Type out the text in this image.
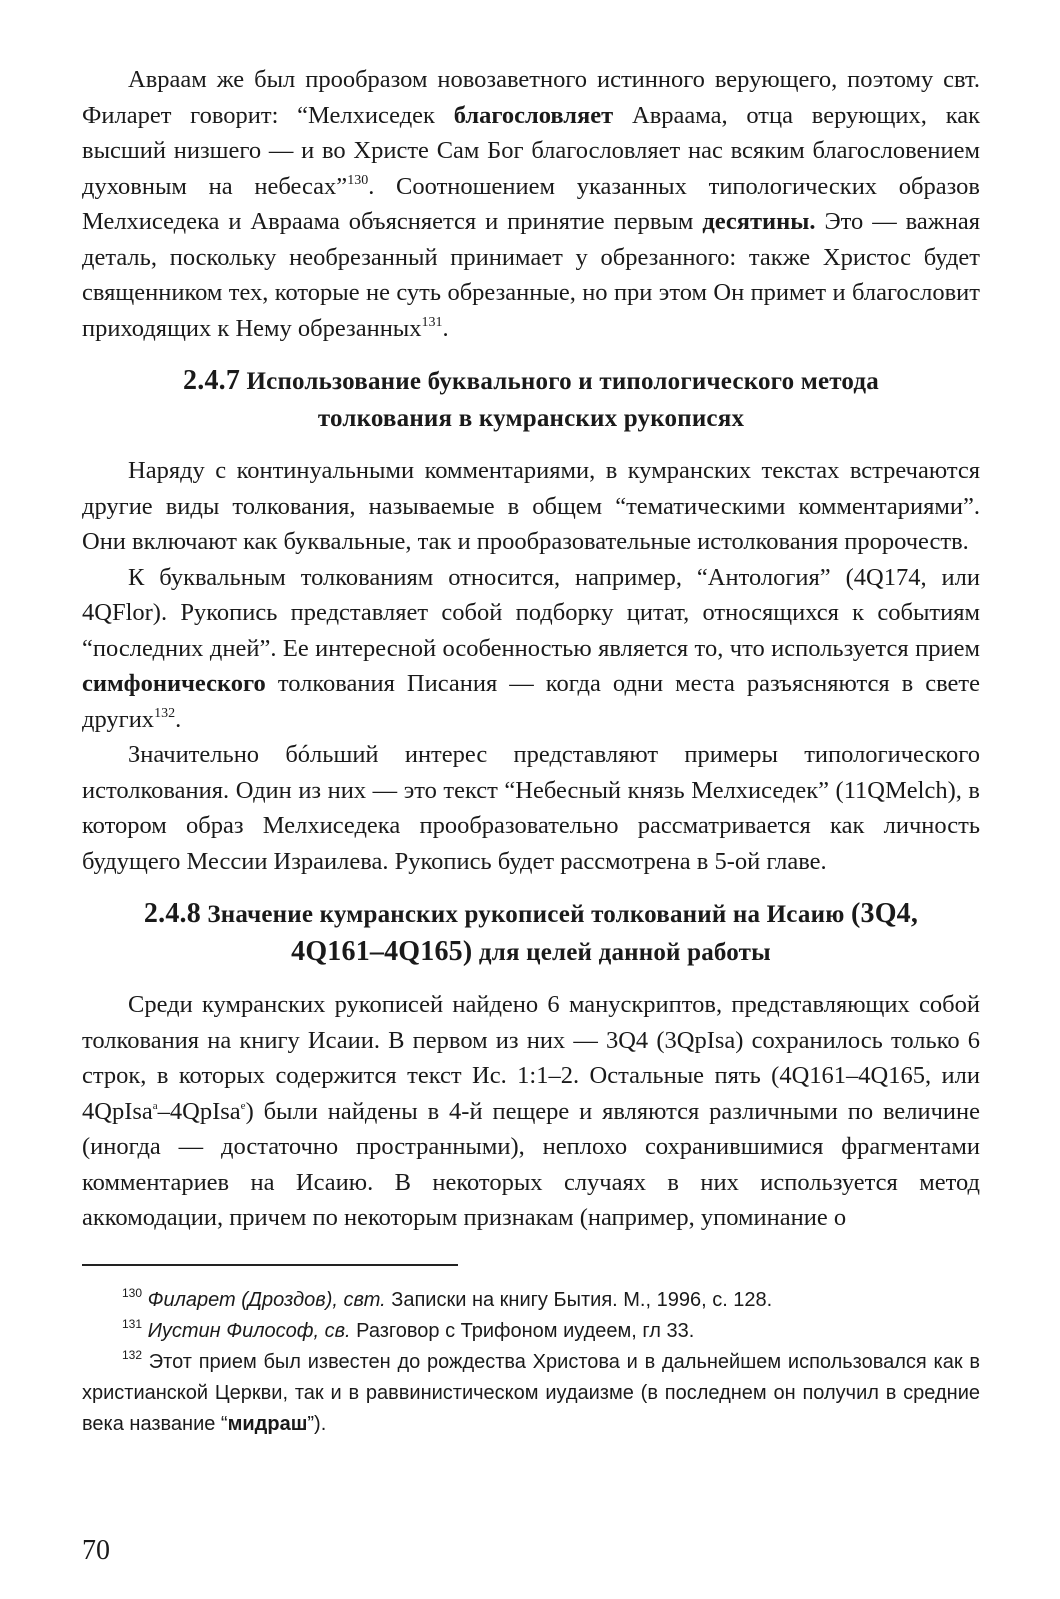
Авраам же был прообразом новозаветного истинного верующего, поэтому свт. Филарет говорит: “Мелхиседек благословляет Авраама, отца верующих, как высший низшего — и во Христе Сам Бог благословляет нас всяким благословением духовным на небесах”$^{130}$. Соотношением указанных типологических образов Мелхиседека и Авраама объясняется и принятие первым десятины. Это — важная деталь, поскольку необрезанный принимает у обрезанного: также Христос будет священником тех, которые не суть обрезанные, но при этом Он примет и благословит приходящих к Нему обрезанных$^{131}$.

2.4.7 Использование буквального и типологического метода толкования в кумранских рукописях

Наряду с континуальными комментариями, в кумранских текстах встречаются другие виды толкования, называемые в общем “тематическими комментариями”. Они включают как буквальные, так и прообразовательные истолкования пророчеств.

К буквальным толкованиям относится, например, “Антология” (4Q174, или 4QFlor). Рукопись представляет собой подборку цитат, относящихся к событиям “последних дней”. Ее интересной особенностью является то, что используется прием симфонического толкования Писания — когда одни места разъясняются в свете других$^{132}$.

Значительно бóльший интерес представляют примеры типологического истолкования. Один из них — это текст “Небесный князь Мелхиседек” (11QMelch), в котором образ Мелхиседека прообразовательно рассматривается как личность будущего Мессии Израилева. Рукопись будет рассмотрена в 5-ой главе.

2.4.8 Значение кумранских рукописей толкований на Исаию (3Q4, 4Q161–4Q165) для целей данной работы

Среди кумранских рукописей найдено 6 манускриптов, представляющих собой толкования на книгу Исаии. В первом из них — 3Q4 (3QpIsa) сохранилось только 6 строк, в которых содержится текст Ис. 1:1–2. Остальные пять (4Q161–4Q165, или 4QpIsa$^a$–4QpIsa$^e$) были найдены в 4-й пещере и являются различными по величине (иногда — достаточно пространными), неплохо сохранившимися фрагментами комментариев на Исаию. В некоторых случаях в них используется метод аккомодации, причем по некоторым признакам (например, упоминание о

$^{130}$ Филарет (Дроздов), свт. Записки на книгу Бытия. М., 1996, с. 128.

$^{131}$ Иустин Философ, св. Разговор с Трифоном иудеем, гл 33.

$^{132}$ Этот прием был известен до рождества Христова и в дальнейшем использовался как в христианской Церкви, так и в раввинистическом иудаизме (в последнем он получил в средние века название “мидраш”).

70
